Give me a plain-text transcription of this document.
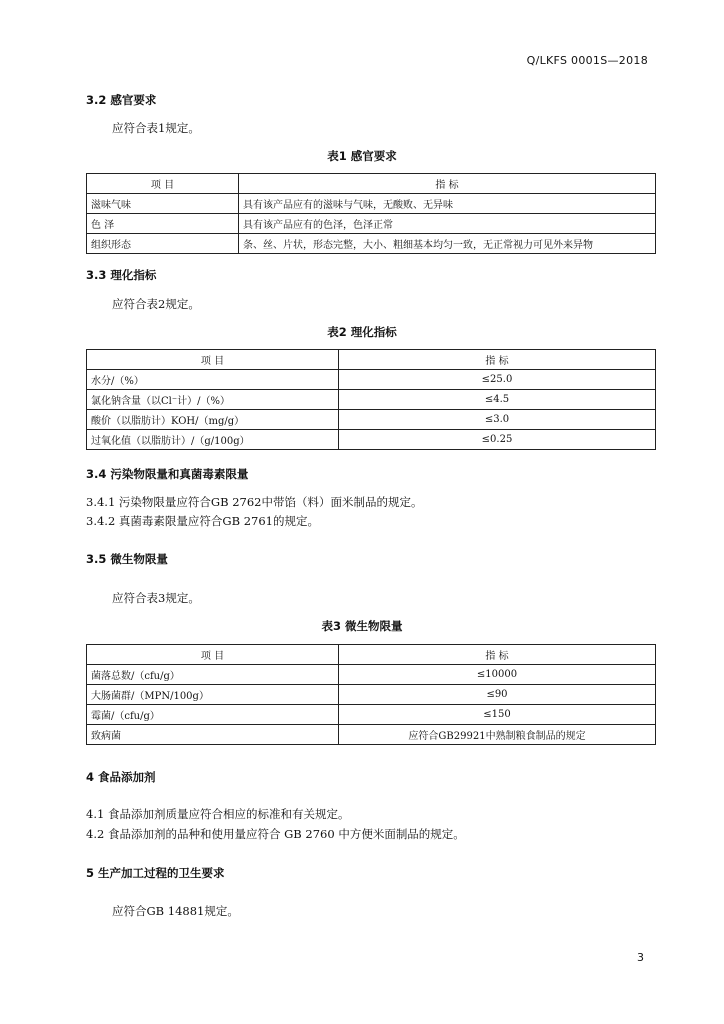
Q/LKFS 0001S—2018
3.2 感官要求
应符合表1规定。
表1 感官要求
项 目	指 标
滋味气味	具有该产品应有的滋味与气味，无酸败、无异味
色 泽	具有该产品应有的色泽，色泽正常
组织形态	条、丝、片状，形态完整，大小、粗细基本均匀一致，无正常视力可见外来异物
3.3 理化指标
应符合表2规定。
表2 理化指标
项 目	指 标
水分/（%）	≤25.0
氯化钠含量（以Cl⁻计）/（%）	≤4.5
酸价（以脂肪计）KOH/（mg/g）	≤3.0
过氧化值（以脂肪计）/（g/100g）	≤0.25
3.4 污染物限量和真菌毒素限量
3.4.1 污染物限量应符合GB 2762中带馅（料）面米制品的规定。
3.4.2 真菌毒素限量应符合GB 2761的规定。
3.5 微生物限量
应符合表3规定。
表3 微生物限量
项 目	指 标
菌落总数/（cfu/g）	≤10000
大肠菌群/（MPN/100g）	≤90
霉菌/（cfu/g）	≤150
致病菌	应符合GB29921中熟制粮食制品的规定
4 食品添加剂
4.1 食品添加剂质量应符合相应的标准和有关规定。
4.2 食品添加剂的品种和使用量应符合 GB 2760 中方便米面制品的规定。
5 生产加工过程的卫生要求
应符合GB 14881规定。
3
